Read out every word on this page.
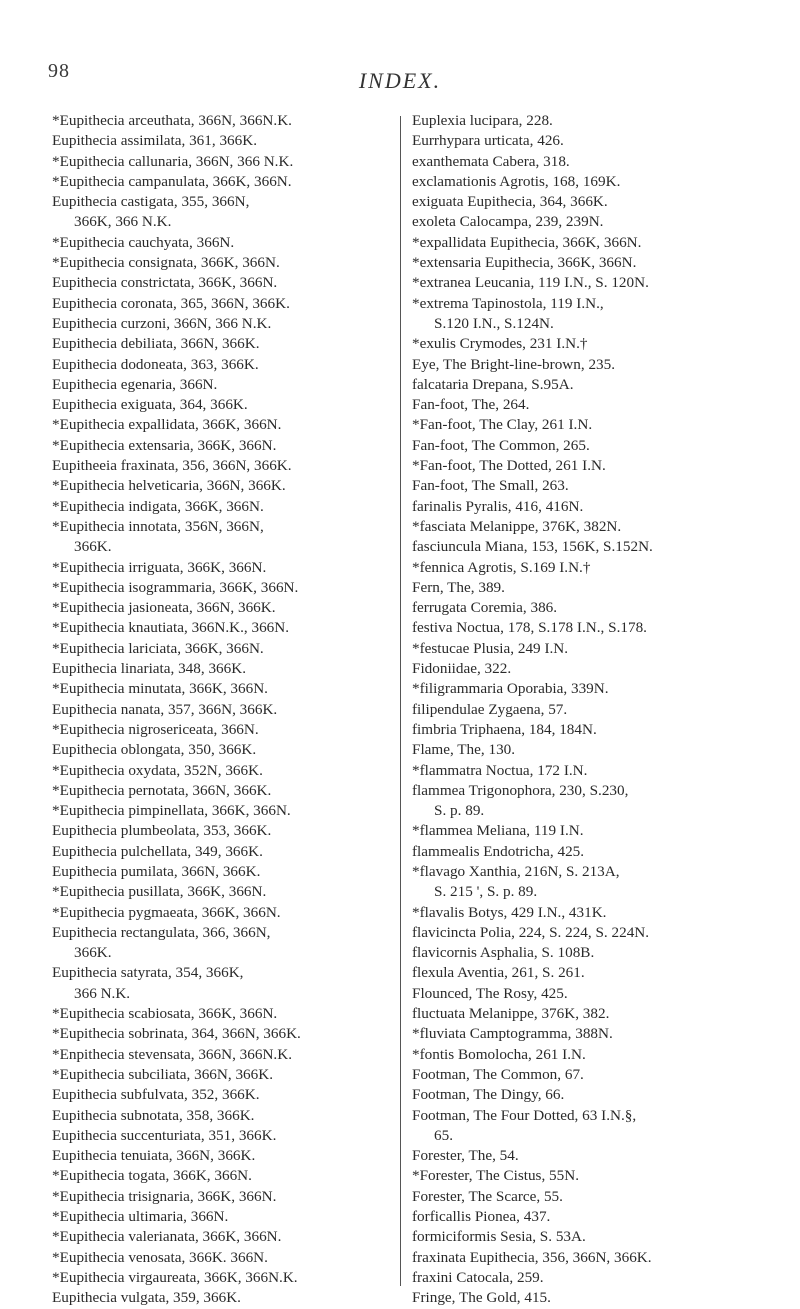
98	INDEX.
*Eupithecia arceuthata, 366N, 366N.K.
Eupithecia assimilata, 361, 366K.
*Eupithecia callunaria, 366N, 366 N.K.
*Eupithecia campanulata, 366K, 366N.
Eupithecia castigata, 355, 366N,
366K, 366 N.K.
*Eupithecia cauchyata, 366N.
*Eupithecia consignata, 366K, 366N.
Eupithecia constrictata, 366K, 366N.
Eupithecia coronata, 365, 366N, 366K.
Eupithecia curzoni, 366N, 366 N.K.
Eupithecia debiliata, 366N, 366K.
Eupithecia dodoneata, 363, 366K.
Eupithecia egenaria, 366N.
Eupithecia exiguata, 364, 366K.
*Eupithecia expallidata, 366K, 366N.
*Eupithecia extensaria, 366K, 366N.
Eupitheeia fraxinata, 356, 366N, 366K.
*Eupithecia helveticaria, 366N, 366K.
*Eupithecia indigata, 366K, 366N.
*Eupithecia innotata, 356N, 366N,
366K.
*Eupithecia irriguata, 366K, 366N.
*Eupithecia isogrammaria, 366K, 366N.
*Eupithecia jasioneata, 366N, 366K.
*Eupithecia knautiata, 366N.K., 366N.
*Eupithecia lariciata, 366K, 366N.
Eupithecia linariata, 348, 366K.
*Eupithecia minutata, 366K, 366N.
Eupithecia nanata, 357, 366N, 366K.
*Eupithecia nigrosericeata, 366N.
Eupithecia oblongata, 350, 366K.
*Eupithecia oxydata, 352N, 366K.
*Eupithecia pernotata, 366N, 366K.
*Eupithecia pimpinellata, 366K, 366N.
Eupithecia plumbeolata, 353, 366K.
Eupithecia pulchellata, 349, 366K.
Eupithecia pumilata, 366N, 366K.
*Eupithecia pusillata, 366K, 366N.
*Eupithecia pygmaeata, 366K, 366N.
Eupithecia rectangulata, 366, 366N,
366K.
Eupithecia satyrata, 354, 366K,
366 N.K.
*Eupithecia scabiosata, 366K, 366N.
*Eupithecia sobrinata, 364, 366N, 366K.
*Enpithecia stevensata, 366N, 366N.K.
*Eupithecia subciliata, 366N, 366K.
Eupithecia subfulvata, 352, 366K.
Eupithecia subnotata, 358, 366K.
Eupithecia succenturiata, 351, 366K.
Eupithecia tenuiata, 366N, 366K.
*Eupithecia togata, 366K, 366N.
*Eupithecia trisignaria, 366K, 366N.
*Eupithecia ultimaria, 366N.
*Eupithecia valerianata, 366K, 366N.
*Eupithecia venosata, 366K. 366N.
*Eupithecia virgaureata, 366K, 366N.K.
Eupithecia vulgata, 359, 366K.
Euplexia lucipara, 228.
Eurrhypara urticata, 426.
exanthemata Cabera, 318.
exclamationis Agrotis, 168, 169K.
exiguata Eupithecia, 364, 366K.
exoleta Calocampa, 239, 239N.
*expallidata Eupithecia, 366K, 366N.
*extensaria Eupithecia, 366K, 366N.
*extranea Leucania, 119 I.N., S. 120N.
*extrema Tapinostola, 119 I.N.,
S.120 I.N., S.124N.
*exulis Crymodes, 231 I.N.†
Eye, The Bright-line-brown, 235.
falcataria Drepana, S.95A.
Fan-foot, The, 264.
*Fan-foot, The Clay, 261 I.N.
Fan-foot, The Common, 265.
*Fan-foot, The Dotted, 261 I.N.
Fan-foot, The Small, 263.
farinalis Pyralis, 416, 416N.
*fasciata Melanippe, 376K, 382N.
fasciuncula Miana, 153, 156K, S.152N.
*fennica Agrotis, S.169 I.N.†
Fern, The, 389.
ferrugata Coremia, 386.
festiva Noctua, 178, S.178 I.N., S.178.
*festucae Plusia, 249 I.N.
Fidoniidae, 322.
*filigrammaria Oporabia, 339N.
filipendulae Zygaena, 57.
fimbria Triphaena, 184, 184N.
Flame, The, 130.
*flammatra Noctua, 172 I.N.
flammea Trigonophora, 230, S.230,
S. p. 89.
*flammea Meliana, 119 I.N.
flammealis Endotricha, 425.
*flavago Xanthia, 216N, S. 213A,
S. 215 ', S. p. 89.
*flavalis Botys, 429 I.N., 431K.
flavicincta Polia, 224, S. 224, S. 224N.
flavicornis Asphalia, S. 108B.
flexula Aventia, 261, S. 261.
Flounced, The Rosy, 425.
fluctuata Melanippe, 376K, 382.
*fluviata Camptogramma, 388N.
*fontis Bomolocha, 261 I.N.
Footman, The Common, 67.
Footman, The Dingy, 66.
Footman, The Four Dotted, 63 I.N.§,
65.
Forester, The, 54.
*Forester, The Cistus, 55N.
Forester, The Scarce, 55.
forficallis Pionea, 437.
formiciformis Sesia, S. 53A.
fraxinata Eupithecia, 356, 366N, 366K.
fraxini Catocala, 259.
Fringe, The Gold, 415.
